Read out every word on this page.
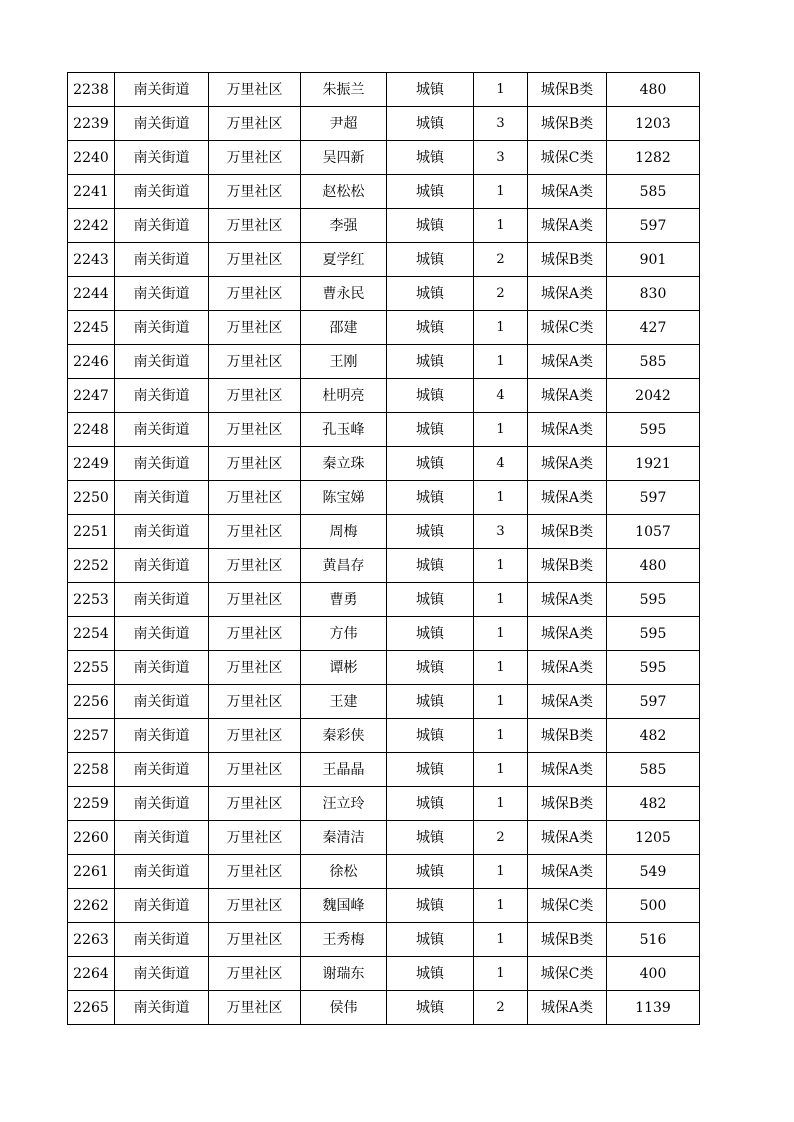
2238	南关街道	万里社区	朱振兰	城镇	1	城保B类	480
2239	南关街道	万里社区	尹超	城镇	3	城保B类	1203
2240	南关街道	万里社区	吴四新	城镇	3	城保C类	1282
2241	南关街道	万里社区	赵松松	城镇	1	城保A类	585
2242	南关街道	万里社区	李强	城镇	1	城保A类	597
2243	南关街道	万里社区	夏学红	城镇	2	城保B类	901
2244	南关街道	万里社区	曹永民	城镇	2	城保A类	830
2245	南关街道	万里社区	邵建	城镇	1	城保C类	427
2246	南关街道	万里社区	王刚	城镇	1	城保A类	585
2247	南关街道	万里社区	杜明亮	城镇	4	城保A类	2042
2248	南关街道	万里社区	孔玉峰	城镇	1	城保A类	595
2249	南关街道	万里社区	秦立珠	城镇	4	城保A类	1921
2250	南关街道	万里社区	陈宝娣	城镇	1	城保A类	597
2251	南关街道	万里社区	周梅	城镇	3	城保B类	1057
2252	南关街道	万里社区	黄昌存	城镇	1	城保B类	480
2253	南关街道	万里社区	曹勇	城镇	1	城保A类	595
2254	南关街道	万里社区	方伟	城镇	1	城保A类	595
2255	南关街道	万里社区	谭彬	城镇	1	城保A类	595
2256	南关街道	万里社区	王建	城镇	1	城保A类	597
2257	南关街道	万里社区	秦彩侠	城镇	1	城保B类	482
2258	南关街道	万里社区	王晶晶	城镇	1	城保A类	585
2259	南关街道	万里社区	汪立玲	城镇	1	城保B类	482
2260	南关街道	万里社区	秦清洁	城镇	2	城保A类	1205
2261	南关街道	万里社区	徐松	城镇	1	城保A类	549
2262	南关街道	万里社区	魏国峰	城镇	1	城保C类	500
2263	南关街道	万里社区	王秀梅	城镇	1	城保B类	516
2264	南关街道	万里社区	谢瑞东	城镇	1	城保C类	400
2265	南关街道	万里社区	侯伟	城镇	2	城保A类	1139
